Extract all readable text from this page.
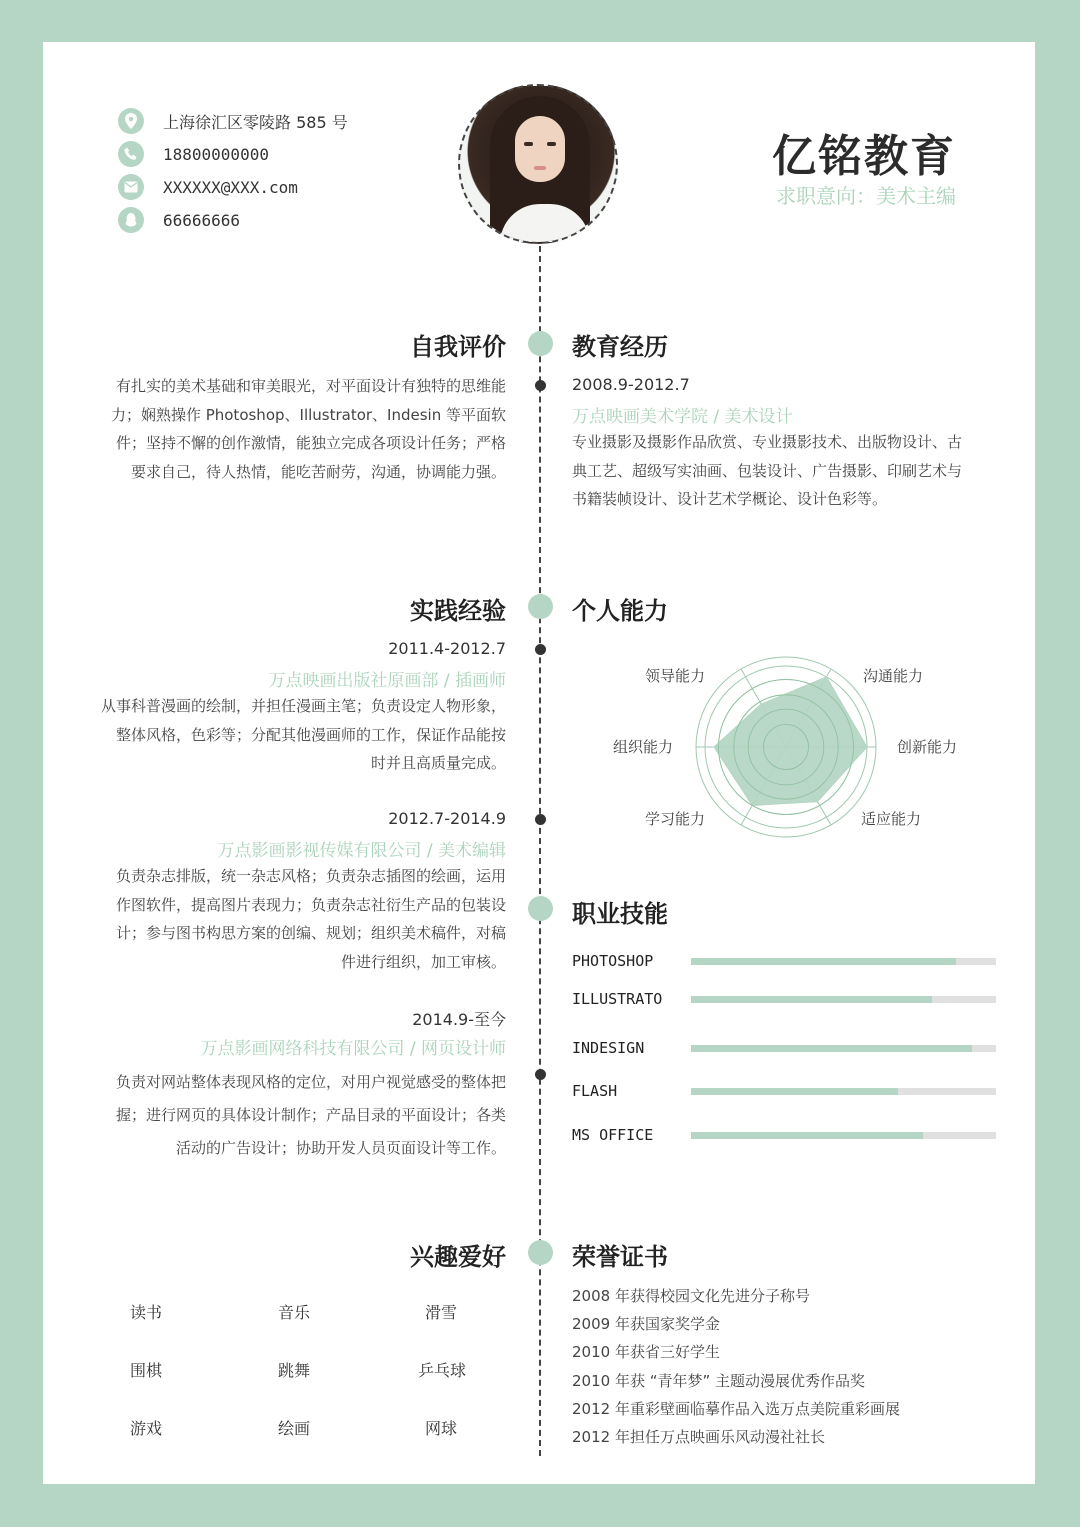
上海徐汇区零陵路 585 号
18800000000
XXXXXX@XXX.com
66666666
亿铭教育
求职意向：美术主编
自我评价
有扎实的美术基础和审美眼光，对平面设计有独特的思维能
力；娴熟操作 Photoshop、Illustrator、Indesin 等平面软
件；坚持不懈的创作激情，能独立完成各项设计任务；严格
要求自己，待人热情，能吃苦耐劳，沟通，协调能力强。
教育经历
2008.9-2012.7
万点映画美术学院 / 美术设计
专业摄影及摄影作品欣赏、专业摄影技术、出版物设计、古
典工艺、超级写实油画、包装设计、广告摄影、印刷艺术与
书籍装帧设计、设计艺术学概论、设计色彩等。
实践经验
2011.4-2012.7
万点映画出版社原画部 / 插画师
从事科普漫画的绘制，并担任漫画主笔；负责设定人物形象，
整体风格，色彩等；分配其他漫画师的工作，保证作品能按
时并且高质量完成。
2012.7-2014.9
万点影画影视传媒有限公司 / 美术编辑
负责杂志排版，统一杂志风格；负责杂志插图的绘画，运用
作图软件，提高图片表现力；负责杂志社衍生产品的包装设
计；参与图书构思方案的创编、规划；组织美术稿件，对稿
件进行组织，加工审核。
2014.9-至今
万点影画网络科技有限公司 / 网页设计师
负责对网站整体表现风格的定位，对用户视觉感受的整体把
握；进行网页的具体设计制作；产品目录的平面设计；各类
活动的广告设计；协助开发人员页面设计等工作。
个人能力
沟通能力
创新能力
适应能力
学习能力
组织能力
领导能力
职业技能
PHOTOSHOP
ILLUSTRATO
INDESIGN
FLASH
MS OFFICE
兴趣爱好
读书	音乐	滑雪
围棋	跳舞	乒乓球
游戏	绘画	网球
荣誉证书
2008 年获得校园文化先进分子称号
2009 年获国家奖学金
2010 年获省三好学生
2010 年获 “青年梦” 主题动漫展优秀作品奖
2012 年重彩壁画临摹作品入选万点美院重彩画展
2012 年担任万点映画乐风动漫社社长
